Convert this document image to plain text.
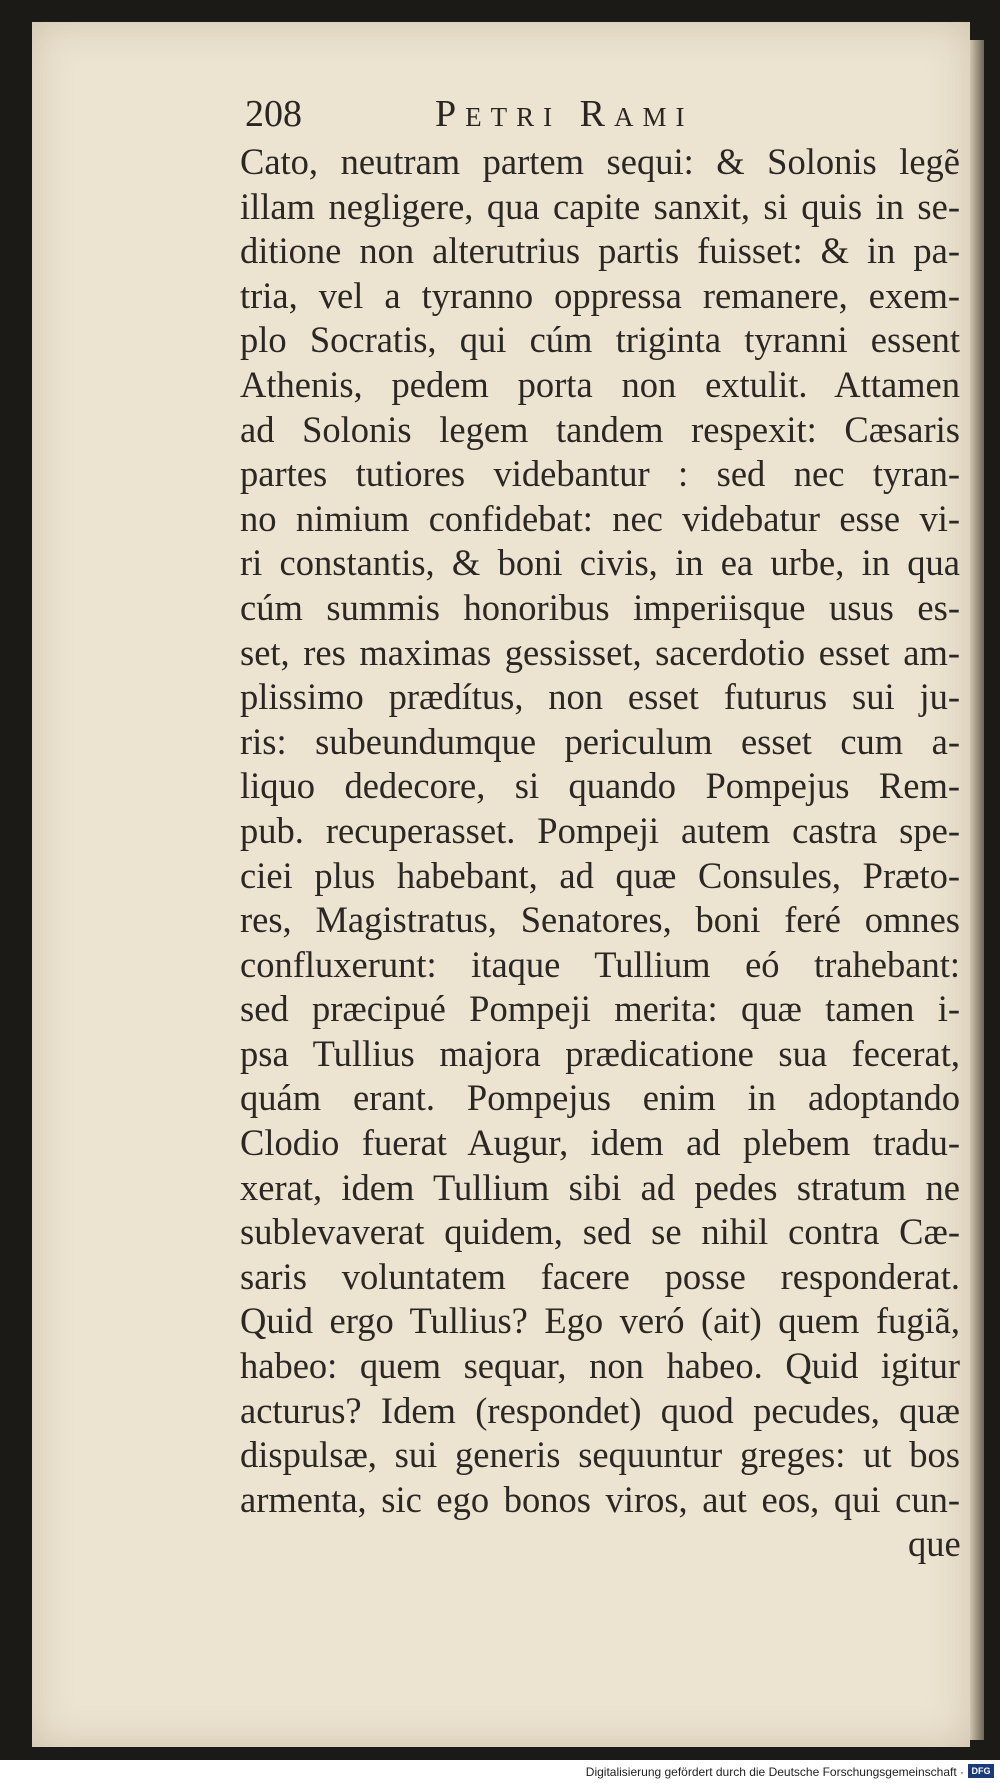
208	Petri Rami
Cato, neutram partem sequi: & Solonis legẽ
illam negligere, qua capite sanxit, si quis in se-
ditione non alterutrius partis fuisset: & in pa-
tria, vel a tyranno oppressa remanere, exem-
plo Socratis, qui cúm triginta tyranni essent
Athenis, pedem porta non extulit. Attamen
ad Solonis legem tandem respexit: Cæsaris
partes tutiores videbantur : sed nec tyran-
no nimium confidebat: nec videbatur esse vi-
ri constantis, & boni civis, in ea urbe, in qua
cúm summis honoribus imperiisque usus es-
set, res maximas gessisset, sacerdotio esset am-
plissimo prædítus, non esset futurus sui ju-
ris: subeundumque periculum esset cum a-
liquo dedecore, si quando Pompejus Rem-
pub. recuperasset. Pompeji autem castra spe-
ciei plus habebant, ad quæ Consules, Præto-
res, Magistratus, Senatores, boni feré omnes
confluxerunt: itaque Tullium eó trahebant:
sed præcipué Pompeji merita: quæ tamen i-
psa Tullius majora prædicatione sua fecerat,
quám erant. Pompejus enim in adoptando
Clodio fuerat Augur, idem ad plebem tradu-
xerat, idem Tullium sibi ad pedes stratum ne
sublevaverat quidem, sed se nihil contra Cæ-
saris voluntatem facere posse responderat.
Quid ergo Tullius? Ego veró (ait) quem fugiã,
habeo: quem sequar, non habeo. Quid igitur
acturus? Idem (respondet) quod pecudes, quæ
dispulsæ, sui generis sequuntur greges: ut bos
armenta, sic ego bonos viros, aut eos, qui cun-
que
Digitalisierung gefördert durch die Deutsche Forschungsgemeinschaft · DFG
